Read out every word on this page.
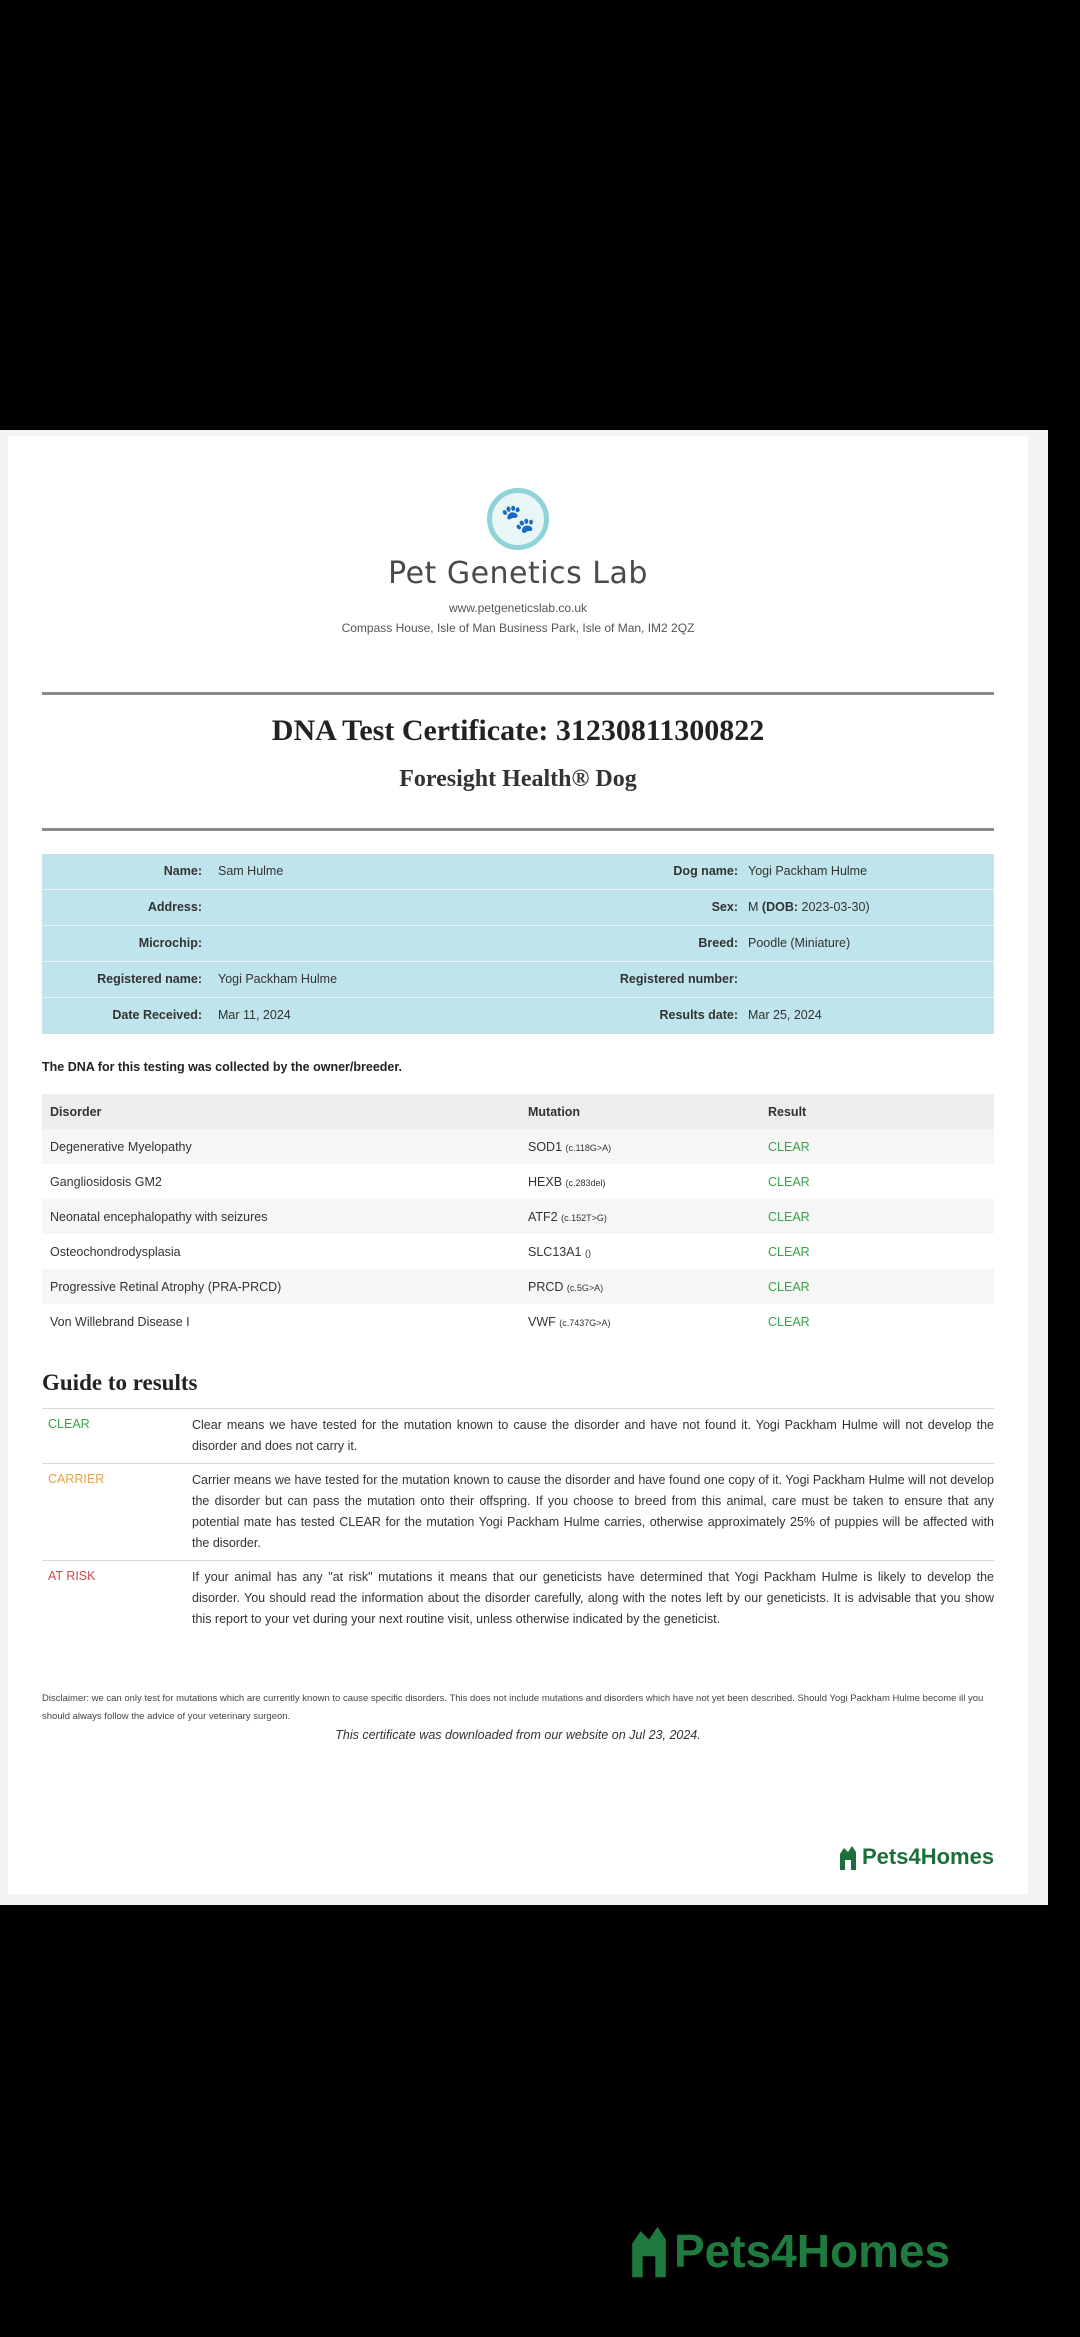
🐾
Pet Genetics Lab
www.petgeneticslab.co.uk
Compass House, Isle of Man Business Park, Isle of Man, IM2 2QZ
DNA Test Certificate: 31230811300822
Foresight Health® Dog
Name: Sam Hulme	Dog name: Yogi Packham Hulme
Address:	Sex: M (DOB: 2023-03-30)
Microchip:	Breed: Poodle (Miniature)
Registered name: Yogi Packham Hulme	Registered number:
Date Received: Mar 11, 2024	Results date: Mar 25, 2024
The DNA for this testing was collected by the owner/breeder.
Disorder	Mutation	Result
Degenerative Myelopathy	SOD1 (c.118G>A)	CLEAR
Gangliosidosis GM2	HEXB (c.283del)	CLEAR
Neonatal encephalopathy with seizures	ATF2 (c.152T>G)	CLEAR
Osteochondrodysplasia	SLC13A1 ()	CLEAR
Progressive Retinal Atrophy (PRA-PRCD)	PRCD (c.5G>A)	CLEAR
Von Willebrand Disease I	VWF (c.7437G>A)	CLEAR
Guide to results
CLEAR	Clear means we have tested for the mutation known to cause the disorder and have not found it. Yogi Packham Hulme will not develop the disorder and does not carry it.
CARRIER	Carrier means we have tested for the mutation known to cause the disorder and have found one copy of it. Yogi Packham Hulme will not develop the disorder but can pass the mutation onto their offspring. If you choose to breed from this animal, care must be taken to ensure that any potential mate has tested CLEAR for the mutation Yogi Packham Hulme carries, otherwise approximately 25% of puppies will be affected with the disorder.
AT RISK	If your animal has any "at risk" mutations it means that our geneticists have determined that Yogi Packham Hulme is likely to develop the disorder. You should read the information about the disorder carefully, along with the notes left by our geneticists. It is advisable that you show this report to your vet during your next routine visit, unless otherwise indicated by the geneticist.
Disclaimer: we can only test for mutations which are currently known to cause specific disorders. This does not include mutations and disorders which have not yet been described. Should Yogi Packham Hulme become ill you should always follow the advice of your veterinary surgeon.
This certificate was downloaded from our website on Jul 23, 2024.
Pets4Homes
Pets4Homes
